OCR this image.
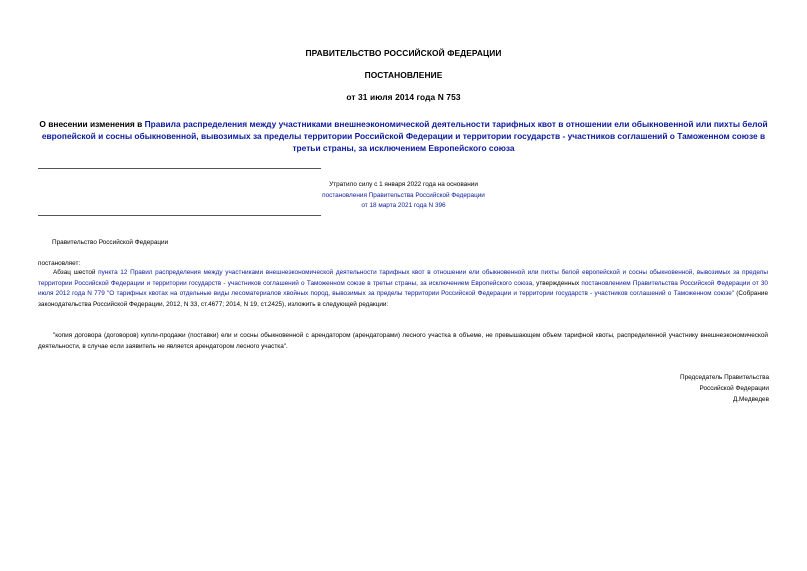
ПРАВИТЕЛЬСТВО РОССИЙСКОЙ ФЕДЕРАЦИИ
ПОСТАНОВЛЕНИЕ
от 31 июля 2014 года N 753
О внесении изменения в Правила распределения между участниками внешнеэкономической деятельности тарифных квот в отношении ели обыкновенной или пихты белой европейской и сосны обыкновенной, вывозимых за пределы территории Российской Федерации и территории государств - участников соглашений о Таможенном союзе в третьи страны, за исключением Европейского союза
Утратило силу с 1 января 2022 года на основании
постановления Правительства Российской Федерации
от 18 марта 2021 года N 396
Правительство Российской Федерации
постановляет:
Абзац шестой пункта 12 Правил распределения между участниками внешнеэкономической деятельности тарифных квот в отношении ели обыкновенной или пихты белой европейской и сосны обыкновенной, вывозимых за пределы территории Российской Федерации и территории государств - участников соглашений о Таможенном союзе в третьи страны, за исключением Европейского союза, утвержденных постановлением Правительства Российской Федерации от 30 июля 2012 года N 779 "О тарифных квотах на отдельные виды лесоматериалов хвойных пород, вывозимых за пределы территории Российской Федерации и территории государств - участников соглашений о Таможенном союзе" (Собрание законодательства Российской Федерации, 2012, N 33, ст.4677; 2014, N 19, ст.2425), изложить в следующей редакции:
"копия договора (договоров) купли-продажи (поставки) ели и сосны обыкновенной с арендатором (арендаторами) лесного участка в объеме, не превышающем объем тарифной квоты, распределенной участнику внешнеэкономической деятельности, в случае если заявитель не является арендатором лесного участка".
Председатель Правительства
Российской Федерации
Д.Медведев
